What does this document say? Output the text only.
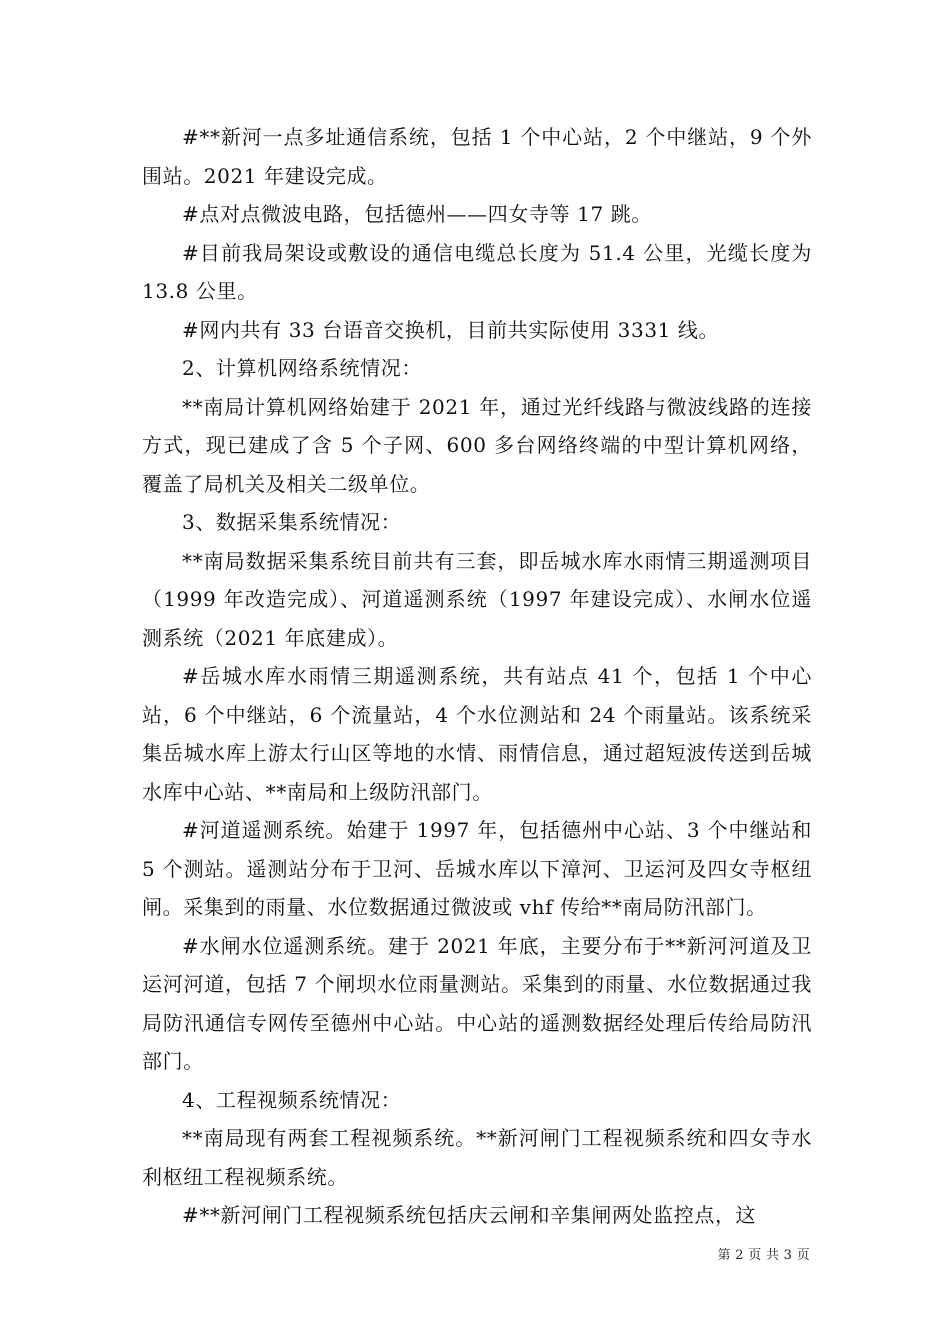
#**新河一点多址通信系统，包括 1 个中心站，2 个中继站，9 个外围站。2021 年建设完成。

#点对点微波电路，包括德州——四女寺等 17 跳。

#目前我局架设或敷设的通信电缆总长度为 51.4 公里，光缆长度为 13.8 公里。

#网内共有 33 台语音交换机，目前共实际使用 3331 线。

2、计算机网络系统情况：

**南局计算机网络始建于 2021 年，通过光纤线路与微波线路的连接方式，现已建成了含 5 个子网、600 多台网络终端的中型计算机网络，覆盖了局机关及相关二级单位。

3、数据采集系统情况：

**南局数据采集系统目前共有三套，即岳城水库水雨情三期遥测项目（1999 年改造完成）、河道遥测系统（1997 年建设完成）、水闸水位遥测系统（2021 年底建成）。

#岳城水库水雨情三期遥测系统，共有站点 41 个，包括 1 个中心站，6 个中继站，6 个流量站，4 个水位测站和 24 个雨量站。该系统采集岳城水库上游太行山区等地的水情、雨情信息，通过超短波传送到岳城水库中心站、**南局和上级防汛部门。

#河道遥测系统。始建于 1997 年，包括德州中心站、3 个中继站和 5 个测站。遥测站分布于卫河、岳城水库以下漳河、卫运河及四女寺枢纽闸。采集到的雨量、水位数据通过微波或 vhf 传给**南局防汛部门。

#水闸水位遥测系统。建于 2021 年底，主要分布于**新河河道及卫运河河道，包括 7 个闸坝水位雨量测站。采集到的雨量、水位数据通过我局防汛通信专网传至德州中心站。中心站的遥测数据经处理后传给局防汛部门。

4、工程视频系统情况：

**南局现有两套工程视频系统。**新河闸门工程视频系统和四女寺水利枢纽工程视频系统。

#**新河闸门工程视频系统包括庆云闸和辛集闸两处监控点，这

第 2 页 共 3 页
